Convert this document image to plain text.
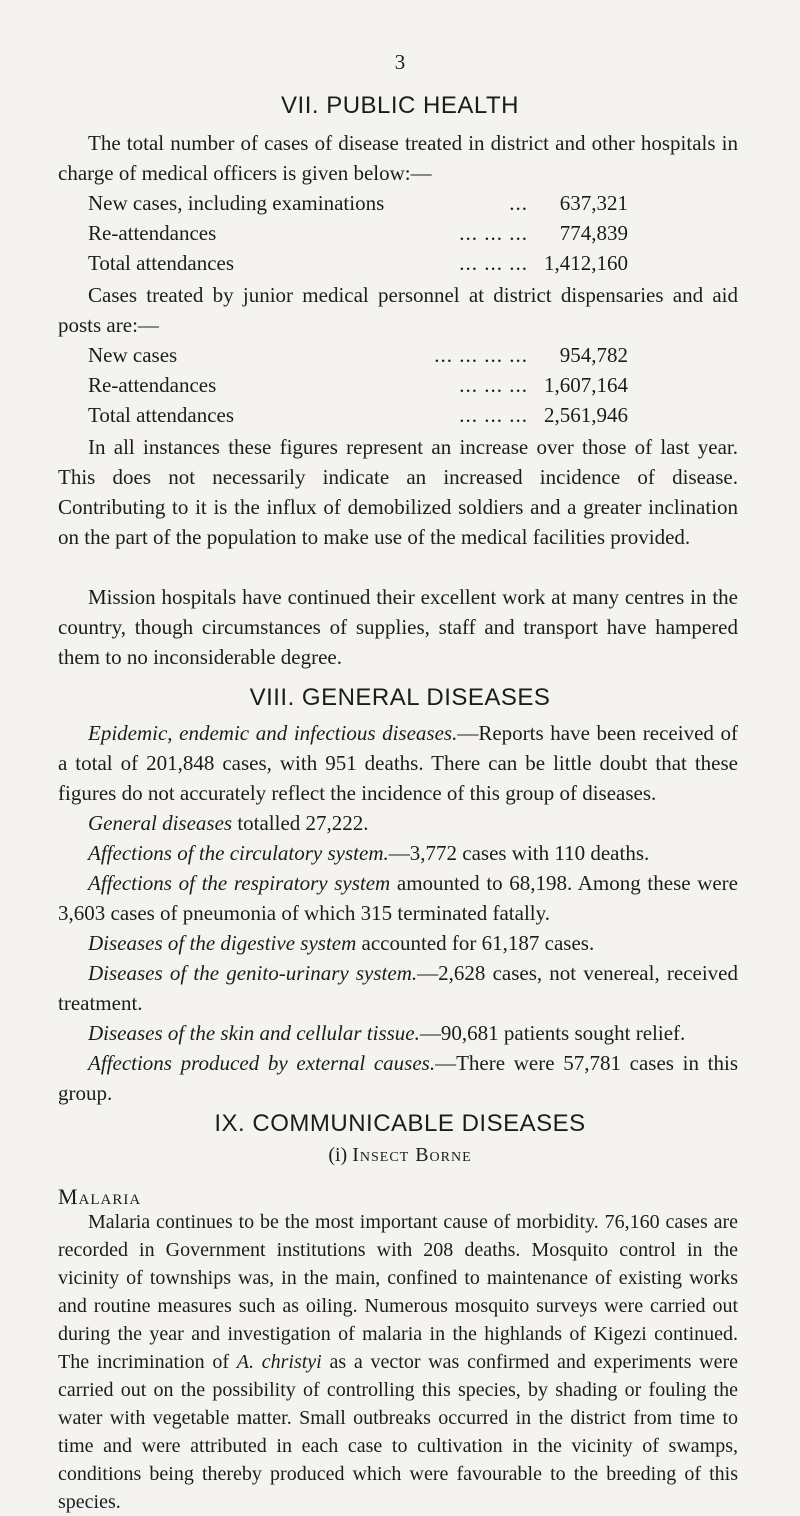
3
VII. PUBLIC HEALTH
The total number of cases of disease treated in district and other hospitals in charge of medical officers is given below:—
New cases, including examinations	... 637,321
Re-attendances	... ... ... 774,839
Total attendances	... ... ... 1,412,160
Cases treated by junior medical personnel at district dispensaries and aid posts are:—
New cases	... ... ... ... 954,782
Re-attendances	... ... ... 1,607,164
Total attendances	... ... ... 2,561,946
In all instances these figures represent an increase over those of last year. This does not necessarily indicate an increased incidence of disease. Contributing to it is the influx of demobilized soldiers and a greater inclination on the part of the population to make use of the medical facilities provided.
Mission hospitals have continued their excellent work at many centres in the country, though circumstances of supplies, staff and transport have hampered them to no inconsiderable degree.
VIII. GENERAL DISEASES
Epidemic, endemic and infectious diseases.—Reports have been received of a total of 201,848 cases, with 951 deaths. There can be little doubt that these figures do not accurately reflect the incidence of this group of diseases.
General diseases totalled 27,222.
Affections of the circulatory system.—3,772 cases with 110 deaths.
Affections of the respiratory system amounted to 68,198. Among these were 3,603 cases of pneumonia of which 315 terminated fatally.
Diseases of the digestive system accounted for 61,187 cases.
Diseases of the genito-urinary system.—2,628 cases, not venereal, received treatment.
Diseases of the skin and cellular tissue.—90,681 patients sought relief.
Affections produced by external causes.—There were 57,781 cases in this group.
IX. COMMUNICABLE DISEASES
(i) Insect Borne
Malaria
Malaria continues to be the most important cause of morbidity. 76,160 cases are recorded in Government institutions with 208 deaths. Mosquito control in the vicinity of townships was, in the main, confined to maintenance of existing works and routine measures such as oiling. Numerous mosquito surveys were carried out during the year and investigation of malaria in the highlands of Kigezi continued. The incrimination of A. christyi as a vector was confirmed and experiments were carried out on the possibility of controlling this species, by shading or fouling the water with vegetable matter. Small outbreaks occurred in the district from time to time and were attributed in each case to cultivation in the vicinity of swamps, conditions being thereby produced which were favourable to the breeding of this species.
